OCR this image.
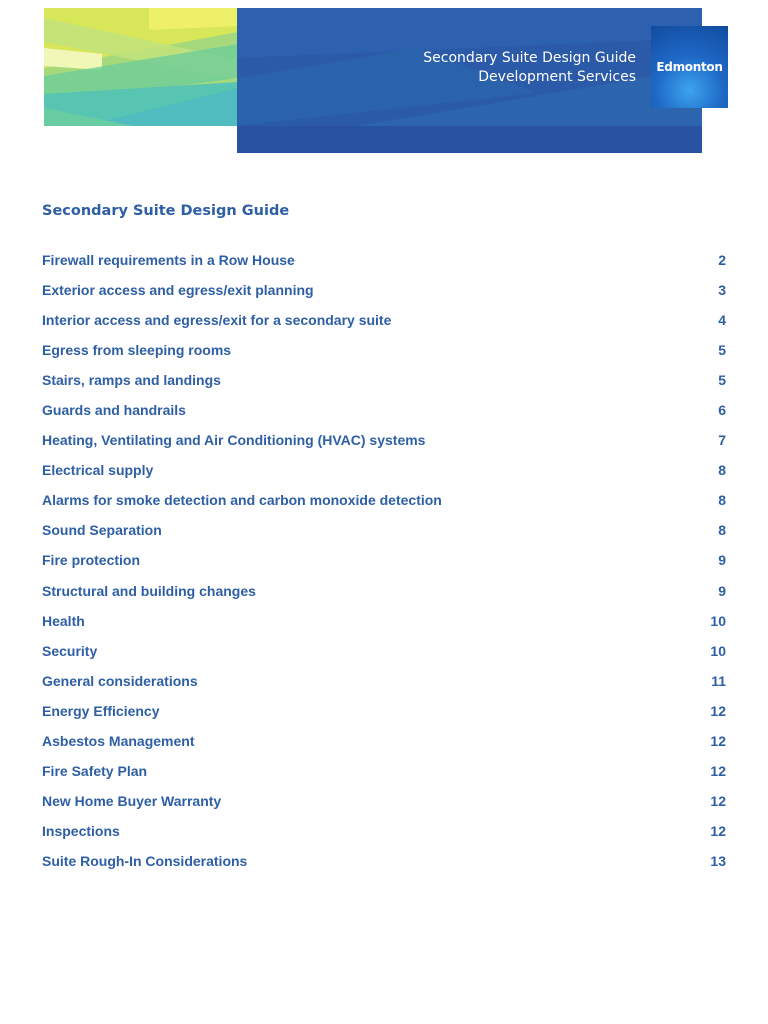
Secondary Suite Design Guide
Development Services
Edmonton
Secondary Suite Design Guide
Firewall requirements in a Row House	2
Exterior access and egress/exit planning	3
Interior access and egress/exit for a secondary suite	4
Egress from sleeping rooms	5
Stairs, ramps and landings	5
Guards and handrails	6
Heating, Ventilating and Air Conditioning (HVAC) systems	7
Electrical supply	8
Alarms for smoke detection and carbon monoxide detection	8
Sound Separation	8
Fire protection	9
Structural and building changes	9
Health	10
Security	10
General considerations	11
Energy Efficiency	12
Asbestos Management	12
Fire Safety Plan	12
New Home Buyer Warranty	12
Inspections	12
Suite Rough-In Considerations	13
